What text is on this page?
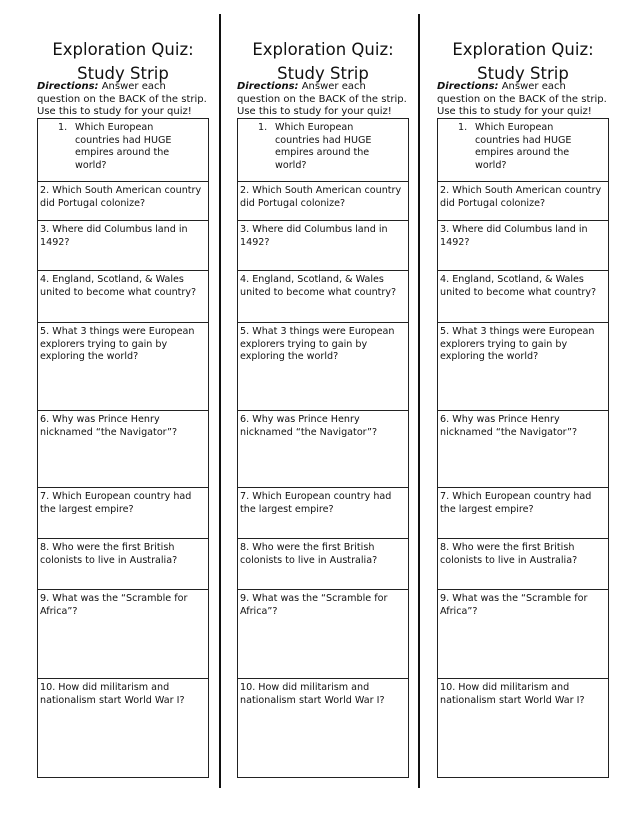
Exploration Quiz:
Study Strip
Directions: Answer each question on the BACK of the strip. Use this to study for your quiz!
1. Which European countries had HUGE empires around the world?
2. Which South American country did Portugal colonize?
3. Where did Columbus land in 1492?
4. England, Scotland, & Wales united to become what country?
5. What 3 things were European explorers trying to gain by exploring the world?
6. Why was Prince Henry nicknamed “the Navigator”?
7. Which European country had the largest empire?
8. Who were the first British colonists to live in Australia?
9. What was the “Scramble for Africa”?
10. How did militarism and nationalism start World War I?
Exploration Quiz:
Study Strip
Directions: Answer each question on the BACK of the strip. Use this to study for your quiz!
1. Which European countries had HUGE empires around the world?
2. Which South American country did Portugal colonize?
3. Where did Columbus land in 1492?
4. England, Scotland, & Wales united to become what country?
5. What 3 things were European explorers trying to gain by exploring the world?
6. Why was Prince Henry nicknamed “the Navigator”?
7. Which European country had the largest empire?
8. Who were the first British colonists to live in Australia?
9. What was the “Scramble for Africa”?
10. How did militarism and nationalism start World War I?
Exploration Quiz:
Study Strip
Directions: Answer each question on the BACK of the strip. Use this to study for your quiz!
1. Which European countries had HUGE empires around the world?
2. Which South American country did Portugal colonize?
3. Where did Columbus land in 1492?
4. England, Scotland, & Wales united to become what country?
5. What 3 things were European explorers trying to gain by exploring the world?
6. Why was Prince Henry nicknamed “the Navigator”?
7. Which European country had the largest empire?
8. Who were the first British colonists to live in Australia?
9. What was the “Scramble for Africa”?
10. How did militarism and nationalism start World War I?
